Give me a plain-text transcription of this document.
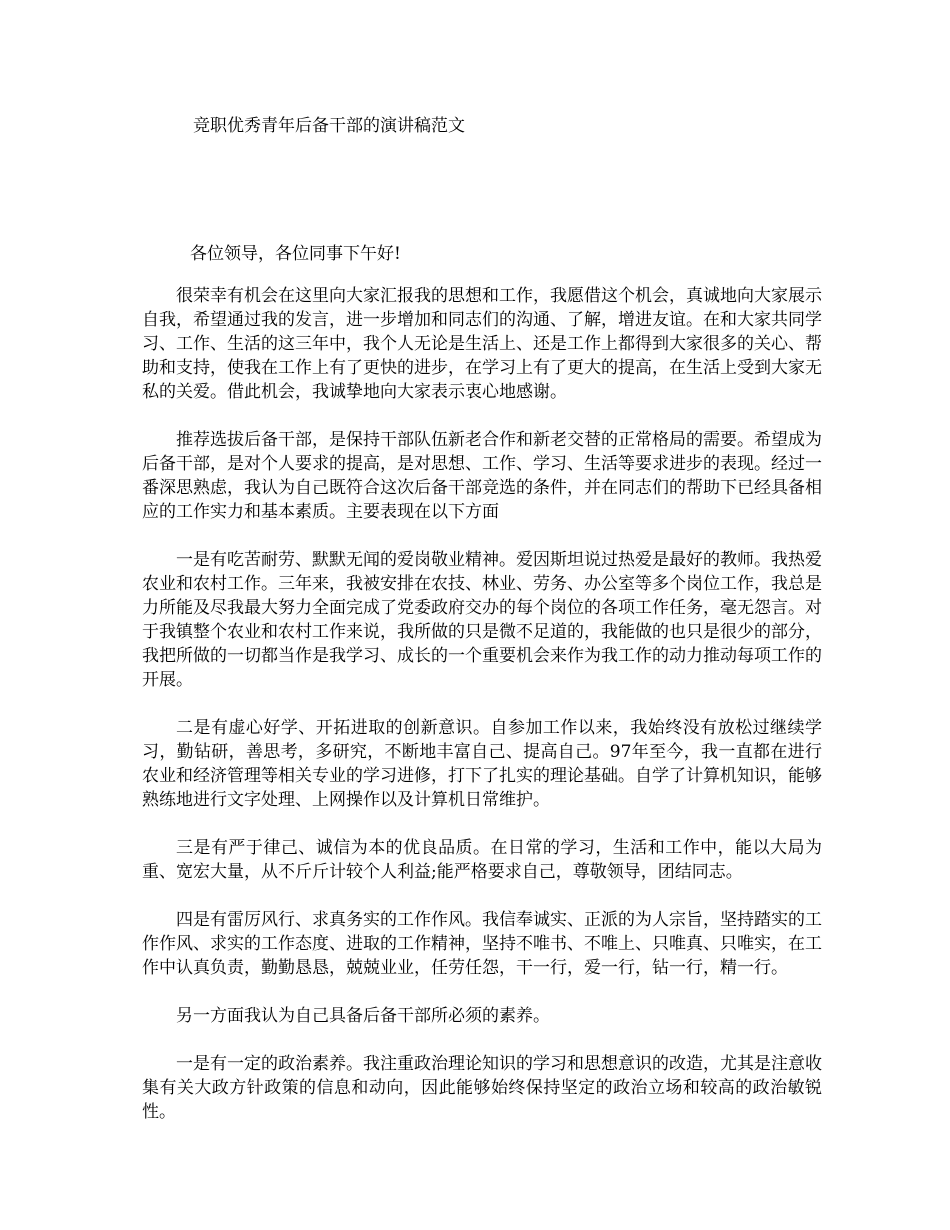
竞职优秀青年后备干部的演讲稿范文
各位领导，各位同事下午好!

很荣幸有机会在这里向大家汇报我的思想和工作，我愿借这个机会，真诚地向大家展示自我，希望通过我的发言，进一步增加和同志们的沟通、了解，增进友谊。在和大家共同学习、工作、生活的这三年中，我个人无论是生活上、还是工作上都得到大家很多的关心、帮助和支持，使我在工作上有了更快的进步，在学习上有了更大的提高，在生活上受到大家无私的关爱。借此机会，我诚挚地向大家表示衷心地感谢。

推荐选拔后备干部，是保持干部队伍新老合作和新老交替的正常格局的需要。希望成为后备干部，是对个人要求的提高，是对思想、工作、学习、生活等要求进步的表现。经过一番深思熟虑，我认为自己既符合这次后备干部竞选的条件，并在同志们的帮助下已经具备相应的工作实力和基本素质。主要表现在以下方面

一是有吃苦耐劳、默默无闻的爱岗敬业精神。爱因斯坦说过热爱是最好的教师。我热爱农业和农村工作。三年来，我被安排在农技、林业、劳务、办公室等多个岗位工作，我总是力所能及尽我最大努力全面完成了党委政府交办的每个岗位的各项工作任务，毫无怨言。对于我镇整个农业和农村工作来说，我所做的只是微不足道的，我能做的也只是很少的部分，我把所做的一切都当作是我学习、成长的一个重要机会来作为我工作的动力推动每项工作的开展。

二是有虚心好学、开拓进取的创新意识。自参加工作以来，我始终没有放松过继续学习，勤钻研，善思考，多研究，不断地丰富自己、提高自己。97年至今，我一直都在进行农业和经济管理等相关专业的学习进修，打下了扎实的理论基础。自学了计算机知识，能够熟练地进行文字处理、上网操作以及计算机日常维护。

三是有严于律己、诚信为本的优良品质。在日常的学习，生活和工作中，能以大局为重、宽宏大量，从不斤斤计较个人利益;能严格要求自己，尊敬领导，团结同志。

四是有雷厉风行、求真务实的工作作风。我信奉诚实、正派的为人宗旨，坚持踏实的工作作风、求实的工作态度、进取的工作精神，坚持不唯书、不唯上、只唯真、只唯实，在工作中认真负责，勤勤恳恳，兢兢业业，任劳任怨，干一行，爱一行，钻一行，精一行。

另一方面我认为自己具备后备干部所必须的素养。

一是有一定的政治素养。我注重政治理论知识的学习和思想意识的改造，尤其是注意收集有关大政方针政策的信息和动向，因此能够始终保持坚定的政治立场和较高的政治敏锐性。
